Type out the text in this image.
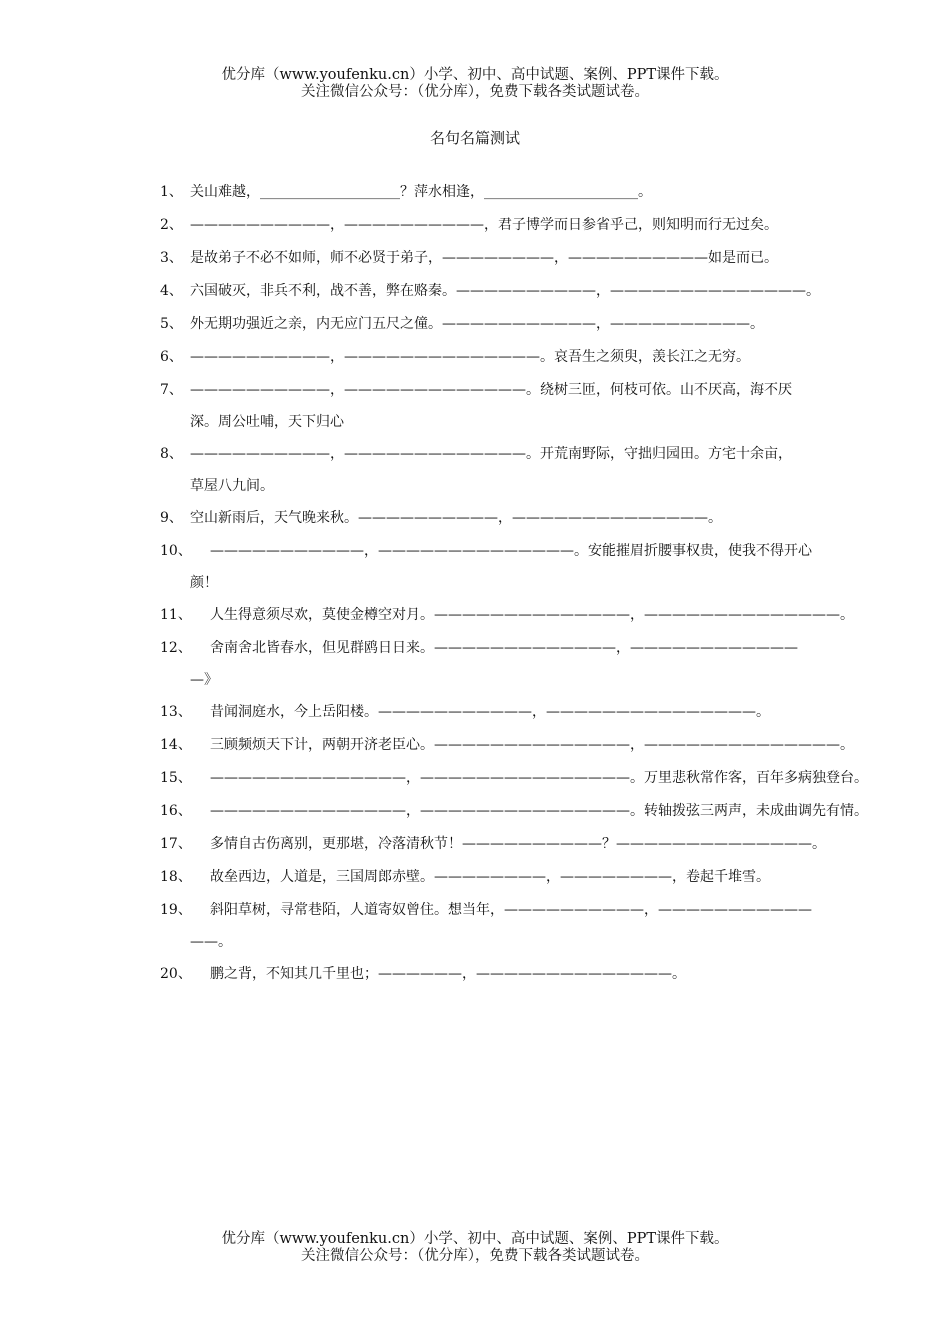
优分库（www.youfenku.cn）小学、初中、高中试题、案例、PPT课件下载。
关注微信公众号：（优分库），免费下载各类试题试卷。
名句名篇测试
1、 关山难越，____________________？萍水相逢，______________________。
2、 ——————————，——————————，君子博学而日参省乎己，则知明而行无过矣。
3、 是故弟子不必不如师，师不必贤于弟子，————————，——————————如是而已。
4、 六国破灭，非兵不利，战不善，弊在赂秦。——————————，——————————————。
5、 外无期功强近之亲，内无应门五尺之僮。———————————，——————————。
6、 ——————————，——————————————。哀吾生之须臾，羡长江之无穷。
7、 ——————————，—————————————。绕树三匝，何枝可依。山不厌高，海不厌
深。周公吐哺，天下归心
8、 ——————————，—————————————。开荒南野际，守拙归园田。方宅十余亩，
草屋八九间。
9、 空山新雨后，天气晚来秋。——————————，——————————————。
10、 ———————————，——————————————。安能摧眉折腰事权贵，使我不得开心
颜！
11、 人生得意须尽欢，莫使金樽空对月。——————————————，——————————————。
12、 舍南舍北皆春水，但见群鸥日日来。—————————————，————————————
—》
13、 昔闻洞庭水，今上岳阳楼。———————————，———————————————。
14、 三顾频烦天下计，两朝开济老臣心。——————————————，——————————————。
15、 ——————————————，———————————————。万里悲秋常作客，百年多病独登台。
16、 ——————————————，———————————————。转轴拨弦三两声，未成曲调先有情。
17、 多情自古伤离别，更那堪，冷落清秋节！——————————？——————————————。
18、 故垒西边，人道是，三国周郎赤壁。————————，————————，卷起千堆雪。
19、 斜阳草树，寻常巷陌，人道寄奴曾住。想当年，——————————，———————————
——。
20、 鹏之背，不知其几千里也；——————，——————————————。
优分库（www.youfenku.cn）小学、初中、高中试题、案例、PPT课件下载。
关注微信公众号：（优分库），免费下载各类试题试卷。
